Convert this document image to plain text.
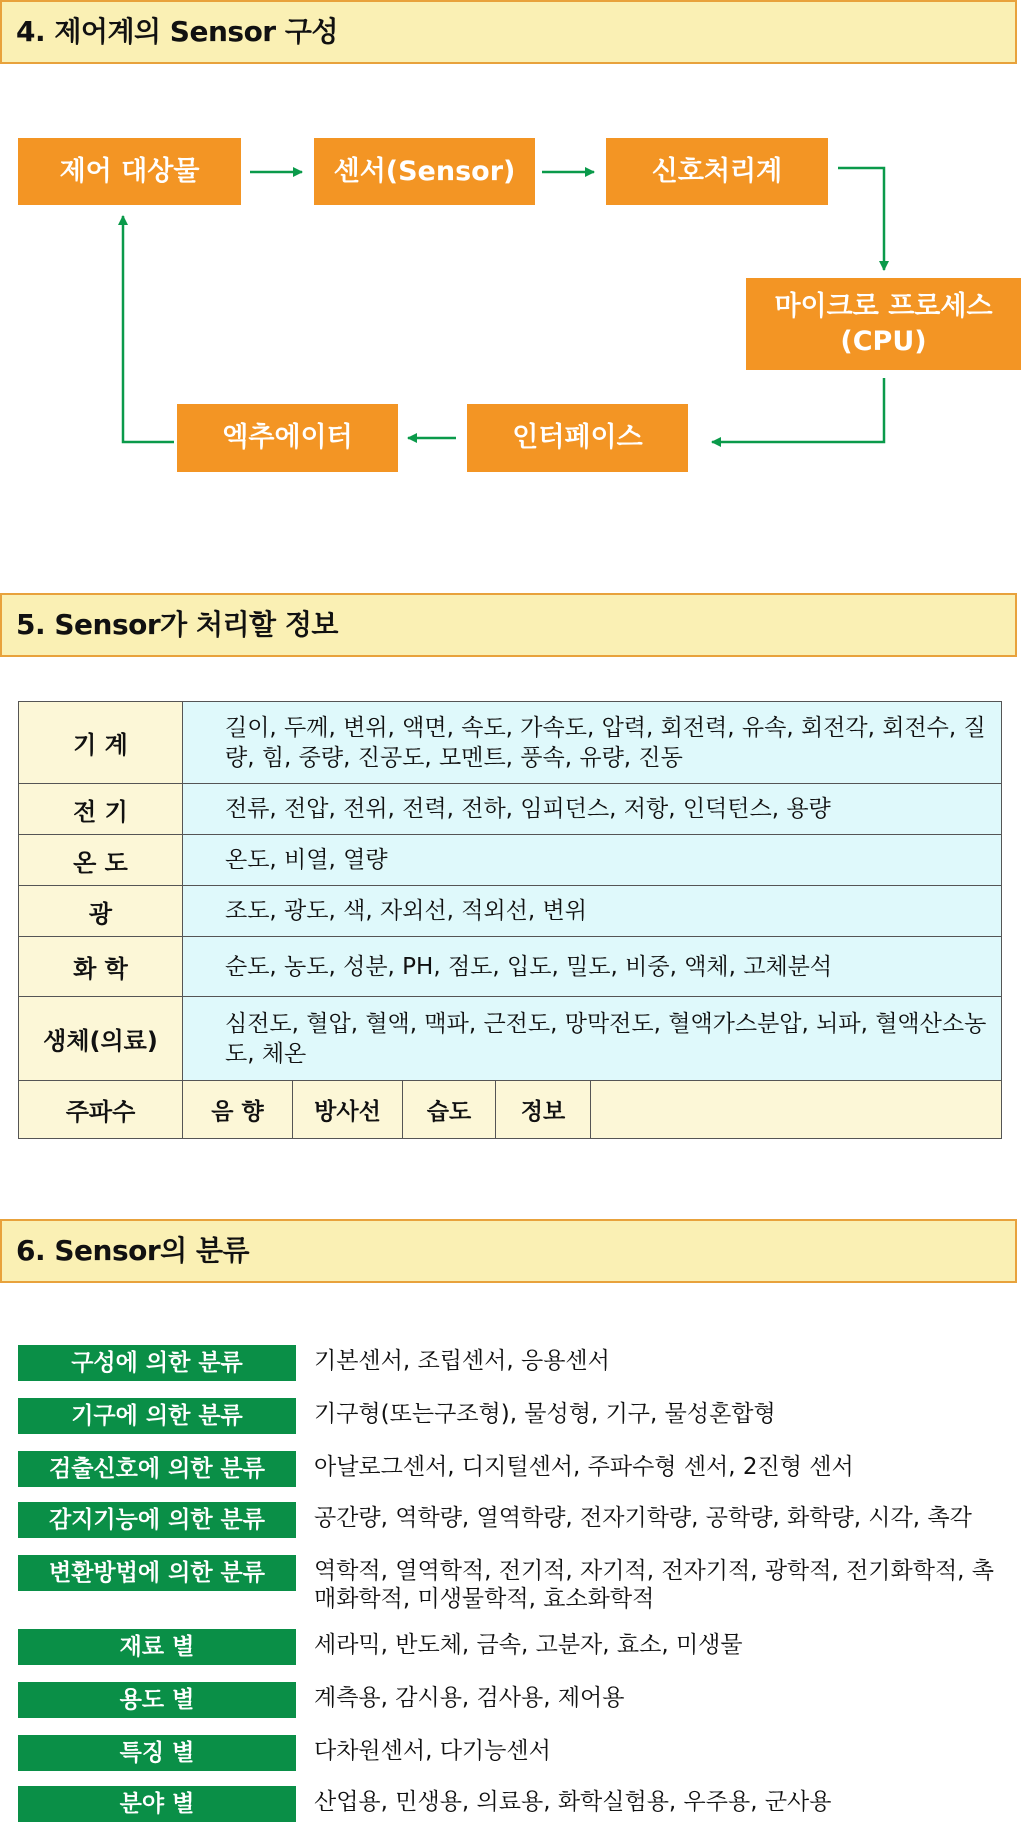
4. 제어계의 Sensor 구성
제어 대상물	센서(Sensor)	신호처리계
마이크로 프로세스
(CPU)
인터페이스
엑추에이터
5. Sensor가 처리할 정보
기 계	길이, 두께, 변위, 액면, 속도, 가속도, 압력, 회전력, 유속, 회전각, 회전수, 질량, 힘, 중량, 진공도, 모멘트, 풍속, 유량, 진동				
전 기	전류, 전압, 전위, 전력, 전하, 임피던스, 저항, 인덕턴스, 용량				
온 도	온도, 비열, 열량				
광	조도, 광도, 색, 자외선, 적외선, 변위				
화 학	순도, 농도, 성분, PH, 점도, 입도, 밀도, 비중, 액체, 고체분석				
생체(의료)	심전도, 혈압, 혈액, 맥파, 근전도, 망막전도, 혈액가스분압, 뇌파, 혈액산소농도, 체온				
주파수	음 향	방사선	습도	정보	
6. Sensor의 분류
구성에 의한 분류	기본센서, 조립센서, 응용센서
기구에 의한 분류	기구형(또는구조형), 물성형, 기구, 물성혼합형
검출신호에 의한 분류	아날로그센서, 디지털센서, 주파수형 센서, 2진형 센서
감지기능에 의한 분류	공간량, 역학량, 열역학량, 전자기학량, 공학량, 화학량, 시각, 촉각
변환방법에 의한 분류	역학적, 열역학적, 전기적, 자기적, 전자기적, 광학적, 전기화학적, 촉매화학적, 미생물학적, 효소화학적
재료 별	세라믹, 반도체, 금속, 고분자, 효소, 미생물
용도 별	계측용, 감시용, 검사용, 제어용
특징 별	다차원센서, 다기능센서
분야 별	산업용, 민생용, 의료용, 화학실험용, 우주용, 군사용
